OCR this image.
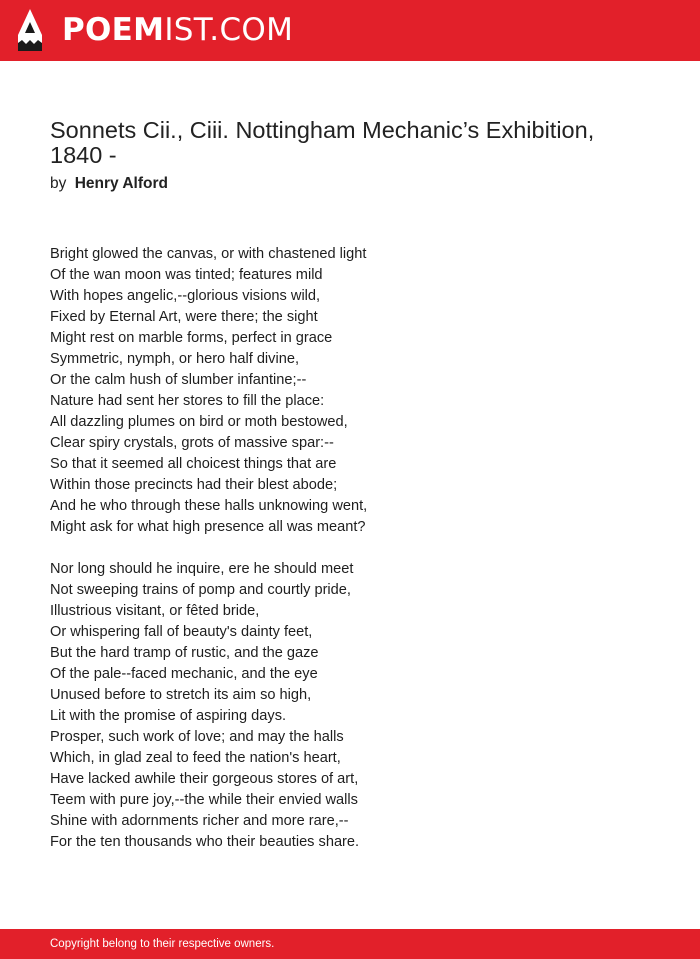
POEMIST.COM
Sonnets Cii., Ciii. Nottingham Mechanic’s Exhibition, 1840 -
by Henry Alford
Bright glowed the canvas, or with chastened light
Of the wan moon was tinted; features mild
With hopes angelic,--glorious visions wild,
Fixed by Eternal Art, were there; the sight
Might rest on marble forms, perfect in grace
Symmetric, nymph, or hero half divine,
Or the calm hush of slumber infantine;--
Nature had sent her stores to fill the place:
All dazzling plumes on bird or moth bestowed,
Clear spiry crystals, grots of massive spar:--
So that it seemed all choicest things that are
Within those precincts had their blest abode;
And he who through these halls unknowing went,
Might ask for what high presence all was meant?
Nor long should he inquire, ere he should meet
Not sweeping trains of pomp and courtly pride,
Illustrious visitant, or fêted bride,
Or whispering fall of beauty's dainty feet,
But the hard tramp of rustic, and the gaze
Of the pale--faced mechanic, and the eye
Unused before to stretch its aim so high,
Lit with the promise of aspiring days.
Prosper, such work of love; and may the halls
Which, in glad zeal to feed the nation's heart,
Have lacked awhile their gorgeous stores of art,
Teem with pure joy,--the while their envied walls
Shine with adornments richer and more rare,--
For the ten thousands who their beauties share.
Copyright belong to their respective owners.
